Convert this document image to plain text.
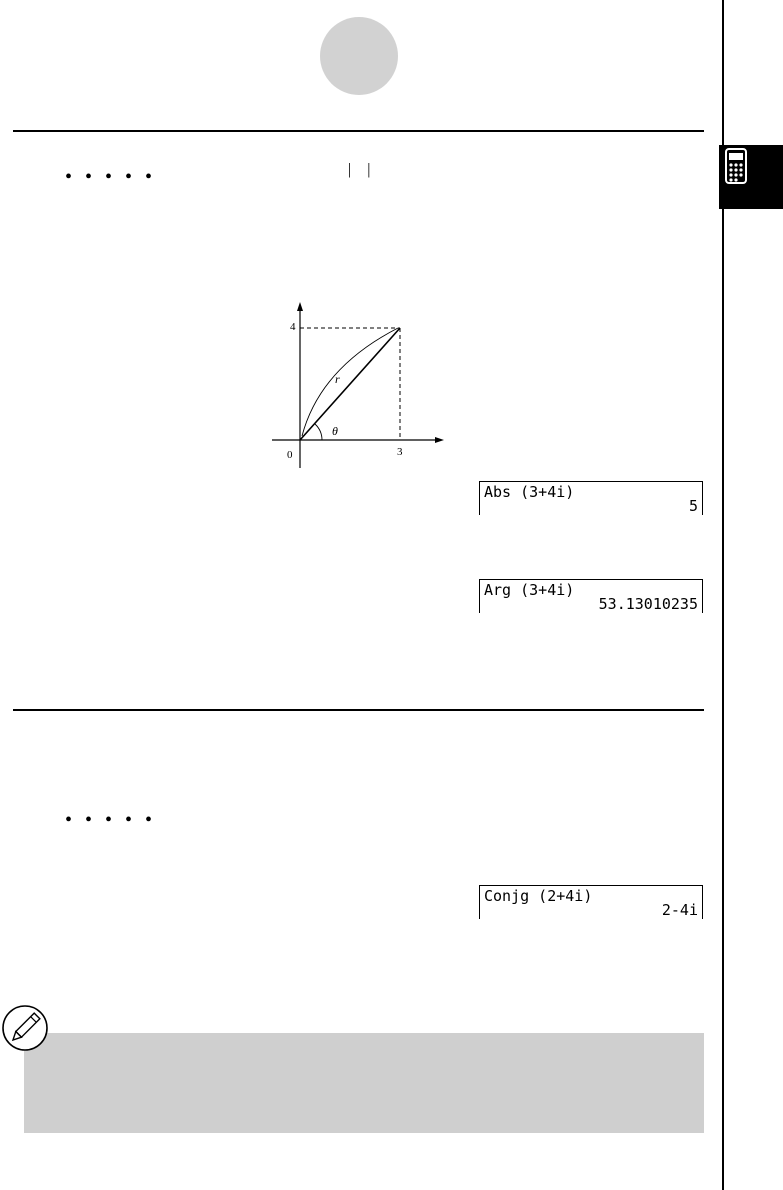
| |
• • • • •
4
3
0
r
θ
Abs (3+4i)
5
Arg (3+4i)
53.13010235
• • • • •
Conjg (2+4i)
2-4i
